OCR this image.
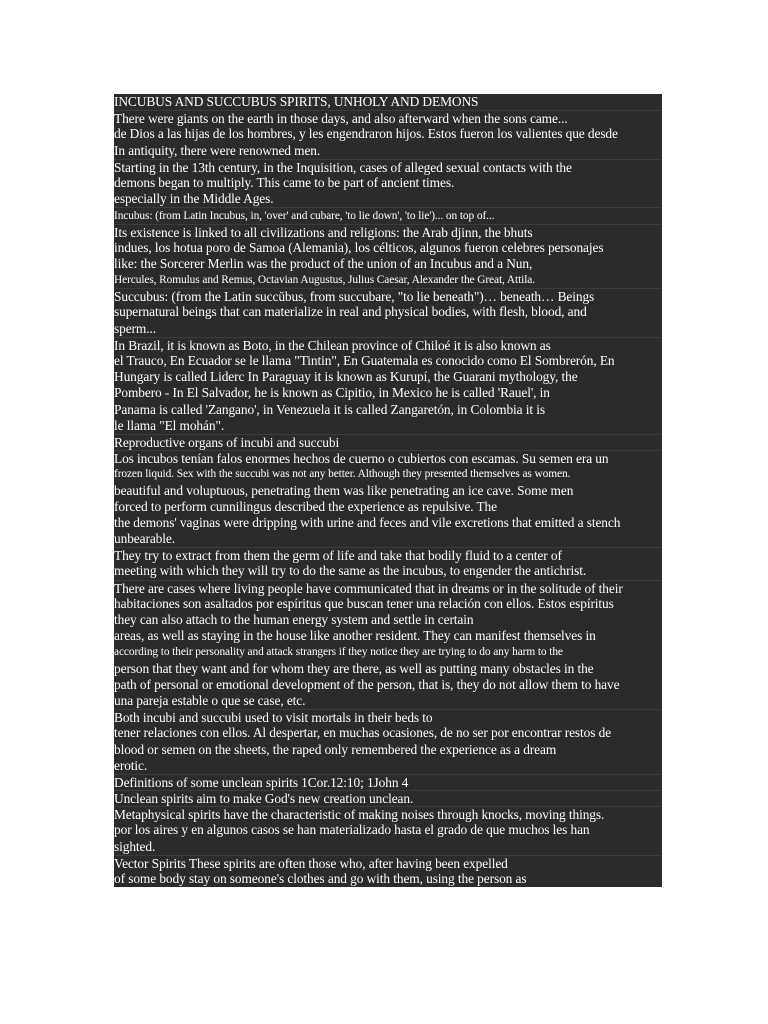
INCUBUS AND SUCCUBUS SPIRITS, UNHOLY AND DEMONS
There were giants on the earth in those days, and also afterward when the sons came...
de Dios a las hijas de los hombres, y les engendraron hijos. Estos fueron los valientes que desde
In antiquity, there were renowned men.
Starting in the 13th century, in the Inquisition, cases of alleged sexual contacts with the
demons began to multiply. This came to be part of ancient times.
especially in the Middle Ages.
Incubus: (from Latin Incubus, in, 'over' and cubare, 'to lie down', 'to lie')... on top of...
Its existence is linked to all civilizations and religions: the Arab djinn, the bhuts
indues, los hotua poro de Samoa (Alemania), los célticos, algunos fueron celebres personajes
like: the Sorcerer Merlin was the product of the union of an Incubus and a Nun,
Hercules, Romulus and Remus, Octavian Augustus, Julius Caesar, Alexander the Great, Attila.
Succubus: (from the Latin succŭbus, from succubare, "to lie beneath")… beneath… Beings
supernatural beings that can materialize in real and physical bodies, with flesh, blood, and
sperm...
In Brazil, it is known as Boto, in the Chilean province of Chiloé it is also known as
el Trauco, En Ecuador se le llama "Tintin", En Guatemala es conocido como El Sombrerón, En
Hungary is called Liderc In Paraguay it is known as Kurupí, the Guarani mythology, the
Pombero - In El Salvador, he is known as Cipitio, in Mexico he is called 'Rauel', in
Panama is called 'Zangano', in Venezuela it is called Zangaretón, in Colombia it is
le llama "El mohán".
Reproductive organs of incubi and succubi
Los incubos tenían falos enormes hechos de cuerno o cubiertos con escamas. Su semen era un
frozen liquid. Sex with the succubi was not any better. Although they presented themselves as women.
beautiful and voluptuous, penetrating them was like penetrating an ice cave. Some men
forced to perform cunnilingus described the experience as repulsive. The
the demons' vaginas were dripping with urine and feces and vile excretions that emitted a stench
unbearable.
They try to extract from them the germ of life and take that bodily fluid to a center of
meeting with which they will try to do the same as the incubus, to engender the antichrist.
There are cases where living people have communicated that in dreams or in the solitude of their
habitaciones son asaltados por espíritus que buscan tener una relación con ellos. Estos espíritus
they can also attach to the human energy system and settle in certain
areas, as well as staying in the house like another resident. They can manifest themselves in
according to their personality and attack strangers if they notice they are trying to do any harm to the
person that they want and for whom they are there, as well as putting many obstacles in the
path of personal or emotional development of the person, that is, they do not allow them to have
una pareja estable o que se case, etc.
Both incubi and succubi used to visit mortals in their beds to
tener relaciones con ellos. Al despertar, en muchas ocasiones, de no ser por encontrar restos de
blood or semen on the sheets, the raped only remembered the experience as a dream
erotic.
Definitions of some unclean spirits 1Cor.12:10; 1John 4
Unclean spirits aim to make God's new creation unclean.
Metaphysical spirits have the characteristic of making noises through knocks, moving things.
por los aires y en algunos casos se han materializado hasta el grado de que muchos les han
sighted.
Vector Spirits These spirits are often those who, after having been expelled
of some body stay on someone's clothes and go with them, using the person as
